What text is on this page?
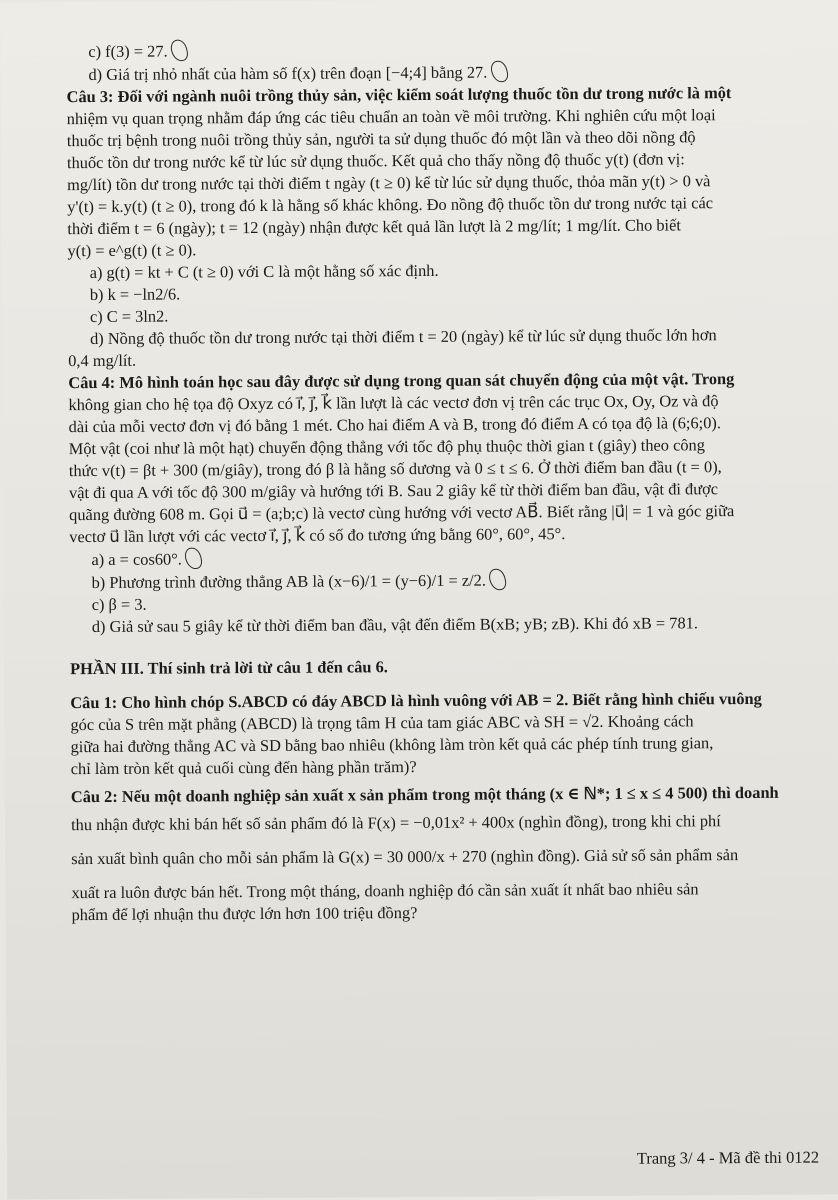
c) f(3) = 27.

d) Giá trị nhỏ nhất của hàm số f(x) trên đoạn [−4;4] bằng 27.

Câu 3: Đối với ngành nuôi trồng thủy sản, việc kiểm soát lượng thuốc tồn dư trong nước là một

nhiệm vụ quan trọng nhằm đáp ứng các tiêu chuẩn an toàn về môi trường. Khi nghiên cứu một loại

thuốc trị bệnh trong nuôi trồng thủy sản, người ta sử dụng thuốc đó một lần và theo dõi nồng độ

thuốc tồn dư trong nước kể từ lúc sử dụng thuốc. Kết quả cho thấy nồng độ thuốc y(t) (đơn vị:

mg/lít) tồn dư trong nước tại thời điểm t ngày (t ≥ 0) kể từ lúc sử dụng thuốc, thỏa mãn y(t) > 0 và

y'(t) = k.y(t) (t ≥ 0), trong đó k là hằng số khác không. Đo nồng độ thuốc tồn dư trong nước tại các

thời điểm t = 6 (ngày); t = 12 (ngày) nhận được kết quả lần lượt là 2 mg/lít; 1 mg/lít. Cho biết

y(t) = e^g(t) (t ≥ 0).

a) g(t) = kt + C (t ≥ 0) với C là một hằng số xác định.

b) k = −ln2/6.

c) C = 3ln2.

d) Nồng độ thuốc tồn dư trong nước tại thời điểm t = 20 (ngày) kể từ lúc sử dụng thuốc lớn hơn

0,4 mg/lít.

Câu 4: Mô hình toán học sau đây được sử dụng trong quan sát chuyển động của một vật. Trong

không gian cho hệ tọa độ Oxyz có i⃗, j⃗, k⃗ lần lượt là các vectơ đơn vị trên các trục Ox, Oy, Oz và độ

dài của mỗi vectơ đơn vị đó bằng 1 mét. Cho hai điểm A và B, trong đó điểm A có tọa độ là (6;6;0).

Một vật (coi như là một hạt) chuyển động thẳng với tốc độ phụ thuộc thời gian t (giây) theo công

thức v(t) = βt + 300 (m/giây), trong đó β là hằng số dương và 0 ≤ t ≤ 6. Ở thời điểm ban đầu (t = 0),

vật đi qua A với tốc độ 300 m/giây và hướng tới B. Sau 2 giây kể từ thời điểm ban đầu, vật đi được

quãng đường 608 m. Gọi u⃗ = (a;b;c) là vectơ cùng hướng với vectơ AB⃗. Biết rằng |u⃗| = 1 và góc giữa

vectơ u⃗ lần lượt với các vectơ i⃗, j⃗, k⃗ có số đo tương ứng bằng 60°, 60°, 45°.

a) a = cos60°.

b) Phương trình đường thẳng AB là (x−6)/1 = (y−6)/1 = z/2.

c) β = 3.

d) Giả sử sau 5 giây kể từ thời điểm ban đầu, vật đến điểm B(xB; yB; zB). Khi đó xB = 781.

PHẦN III. Thí sinh trả lời từ câu 1 đến câu 6.

Câu 1: Cho hình chóp S.ABCD có đáy ABCD là hình vuông với AB = 2. Biết rằng hình chiếu vuông

góc của S trên mặt phẳng (ABCD) là trọng tâm H của tam giác ABC và SH = √2. Khoảng cách

giữa hai đường thẳng AC và SD bằng bao nhiêu (không làm tròn kết quả các phép tính trung gian,

chỉ làm tròn kết quả cuối cùng đến hàng phần trăm)?

Câu 2: Nếu một doanh nghiệp sản xuất x sản phẩm trong một tháng (x ∈ ℕ*; 1 ≤ x ≤ 4 500) thì doanh

thu nhận được khi bán hết số sản phẩm đó là F(x) = −0,01x² + 400x (nghìn đồng), trong khi chi phí

sản xuất bình quân cho mỗi sản phẩm là G(x) = 30 000/x + 270 (nghìn đồng). Giả sử số sản phẩm sản

xuất ra luôn được bán hết. Trong một tháng, doanh nghiệp đó cần sản xuất ít nhất bao nhiêu sản

phẩm để lợi nhuận thu được lớn hơn 100 triệu đồng?

Trang 3/ 4 - Mã đề thi 0122
